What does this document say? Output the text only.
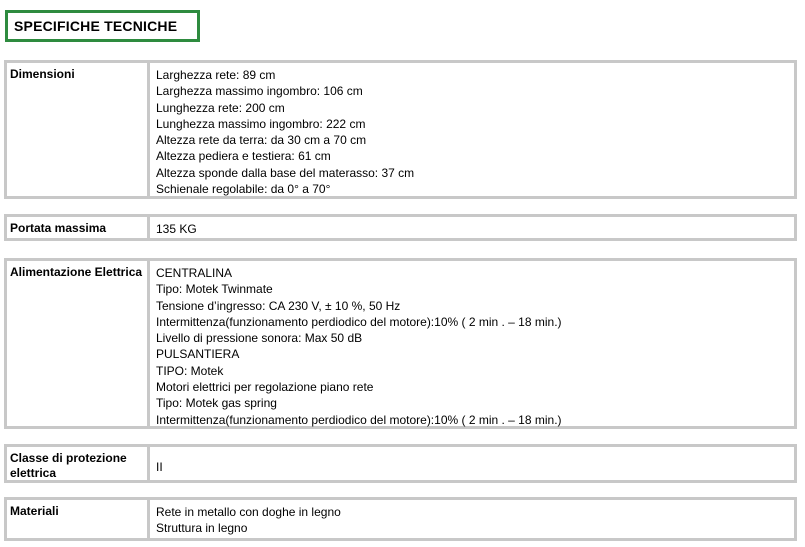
SPECIFICHE TECNICHE
Dimensioni	Larghezza rete: 89 cm
Larghezza massimo ingombro: 106 cm
Lunghezza rete: 200 cm
Lunghezza massimo ingombro: 222 cm
Altezza rete da terra: da 30 cm a 70 cm
Altezza pediera e testiera: 61 cm
Altezza sponde dalla base del materasso: 37 cm
Schienale regolabile: da 0° a 70°
Portata massima	135 KG
Alimentazione Elettrica	CENTRALINA
Tipo: Motek Twinmate
Tensione d’ingresso: CA 230 V, ± 10 %, 50 Hz
Intermittenza(funzionamento perdiodico del motore):10% ( 2 min . – 18 min.)
Livello di pressione sonora: Max 50 dB
PULSANTIERA
TIPO: Motek
Motori elettrici per regolazione piano rete
Tipo: Motek gas spring
Intermittenza(funzionamento perdiodico del motore):10% ( 2 min . – 18 min.)
Classe di protezione elettrica	II
Materiali	Rete in metallo con doghe in legno
Struttura in legno
